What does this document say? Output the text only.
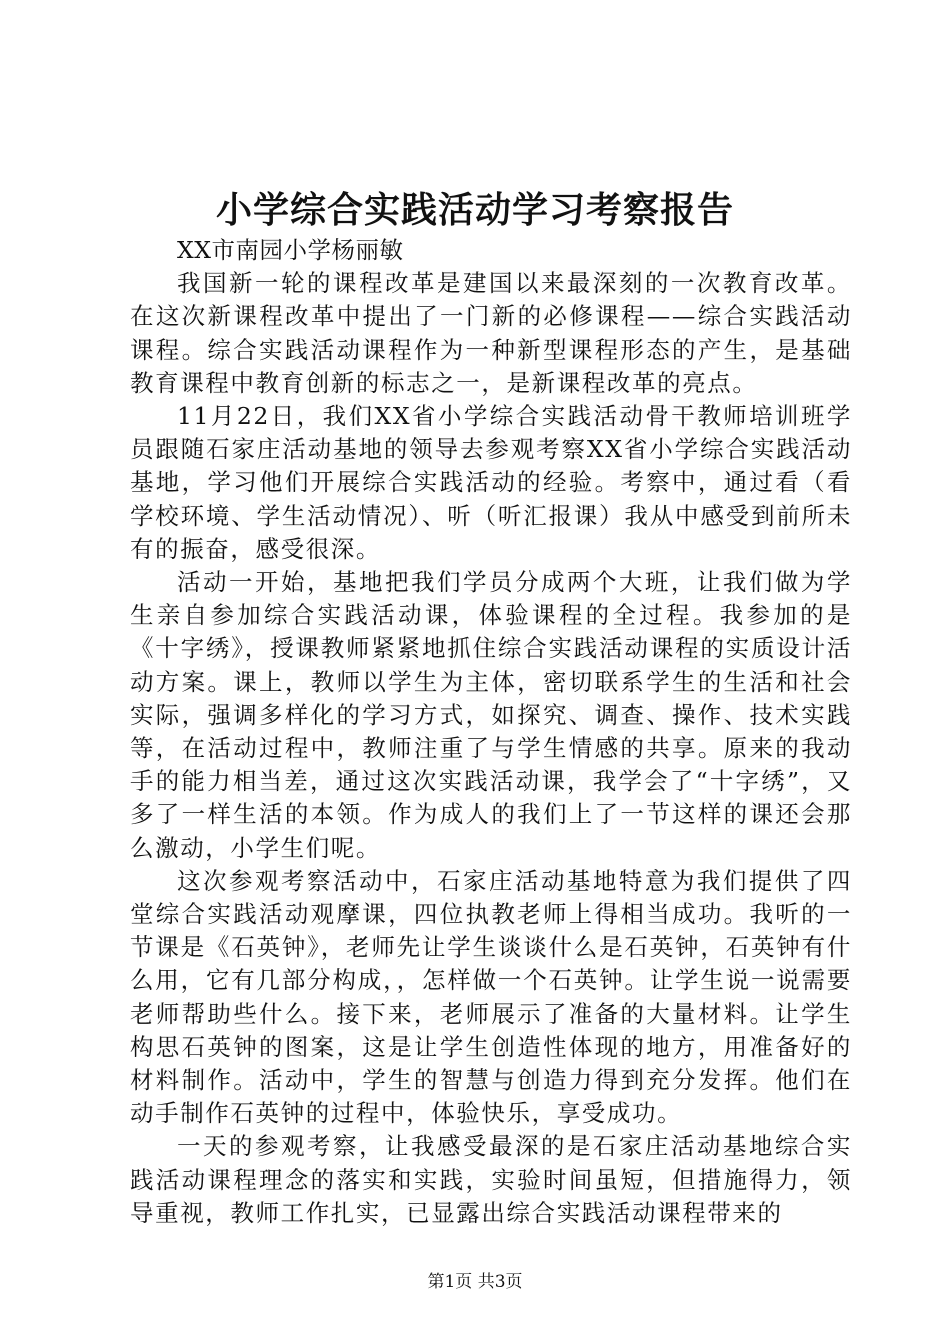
小学综合实践活动学习考察报告

XX市南园小学杨丽敏

我国新一轮的课程改革是建国以来最深刻的一次教育改革。在这次新课程改革中提出了一门新的必修课程——综合实践活动课程。综合实践活动课程作为一种新型课程形态的产生，是基础教育课程中教育创新的标志之一，是新课程改革的亮点。

11月22日，我们XX省小学综合实践活动骨干教师培训班学员跟随石家庄活动基地的领导去参观考察XX省小学综合实践活动基地，学习他们开展综合实践活动的经验。考察中，通过看（看学校环境、学生活动情况）、听（听汇报课）我从中感受到前所未有的振奋，感受很深。

活动一开始，基地把我们学员分成两个大班，让我们做为学生亲自参加综合实践活动课，体验课程的全过程。我参加的是《十字绣》，授课教师紧紧地抓住综合实践活动课程的实质设计活动方案。课上，教师以学生为主体，密切联系学生的生活和社会实际，强调多样化的学习方式，如探究、调查、操作、技术实践等，在活动过程中，教师注重了与学生情感的共享。原来的我动手的能力相当差，通过这次实践活动课，我学会了“十字绣”，又多了一样生活的本领。作为成人的我们上了一节这样的课还会那么激动，小学生们呢。

这次参观考察活动中，石家庄活动基地特意为我们提供了四堂综合实践活动观摩课，四位执教老师上得相当成功。我听的一节课是《石英钟》，老师先让学生谈谈什么是石英钟，石英钟有什么用，它有几部分构成，，怎样做一个石英钟。让学生说一说需要老师帮助些什么。接下来，老师展示了准备的大量材料。让学生构思石英钟的图案，这是让学生创造性体现的地方，用准备好的材料制作。活动中，学生的智慧与创造力得到充分发挥。他们在动手制作石英钟的过程中，体验快乐，享受成功。

一天的参观考察，让我感受最深的是石家庄活动基地综合实践活动课程理念的落实和实践，实验时间虽短，但措施得力，领导重视，教师工作扎实，已显露出综合实践活动课程带来的

第1页 共3页
